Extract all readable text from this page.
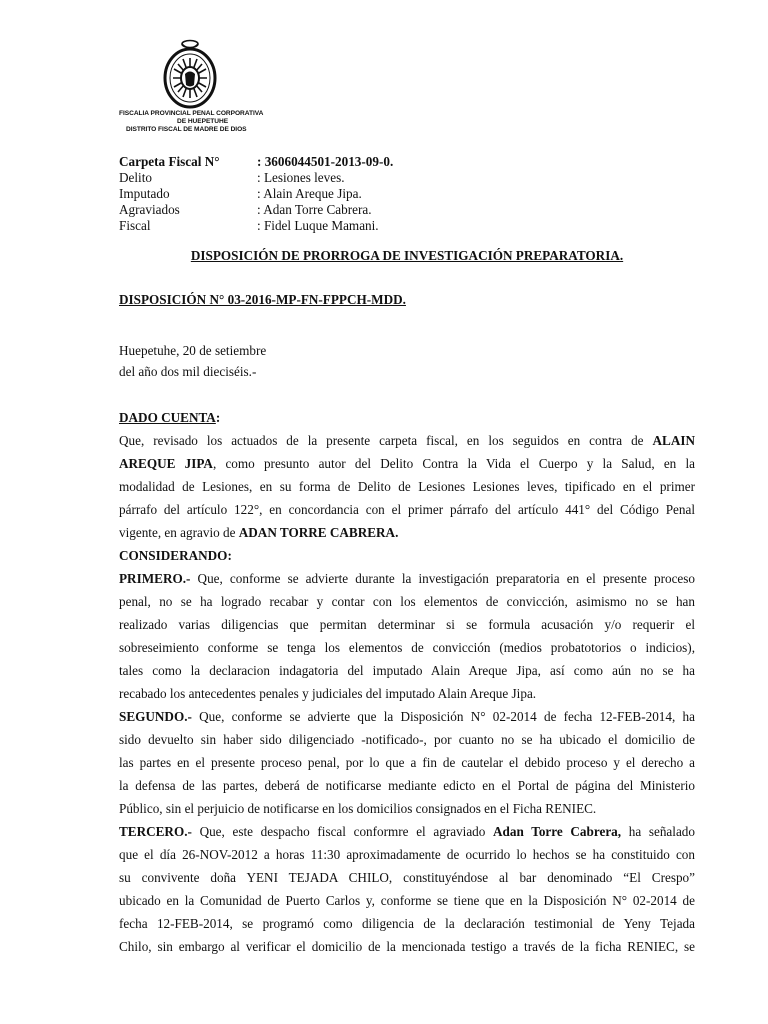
FISCALIA PROVINCIAL PENAL CORPORATIVA
DE HUEPETUHE
DISTRITO FISCAL DE MADRE DE DIOS
Carpeta Fiscal N°	: 3606044501-2013-09-0.
Delito	: Lesiones leves.
Imputado	: Alain Areque Jipa.
Agraviados	: Adan Torre Cabrera.
Fiscal	: Fidel Luque Mamani.
DISPOSICIÓN DE PRORROGA DE INVESTIGACIÓN PREPARATORIA.
DISPOSICIÓN N° 03-2016-MP-FN-FPPCH-MDD.
Huepetuhe, 20 de setiembre
del año dos mil dieciséis.-
DADO CUENTA:
Que, revisado los actuados de la presente carpeta fiscal, en los seguidos en contra de ALAIN
AREQUE JIPA, como presunto autor del Delito Contra la Vida el Cuerpo y la Salud, en la
modalidad de Lesiones, en su forma de Delito de Lesiones Lesiones leves, tipificado en el primer
párrafo del artículo 122°, en concordancia con el primer párrafo del artículo 441° del Código Penal
vigente, en agravio de ADAN TORRE CABRERA.
CONSIDERANDO:
PRIMERO.- Que, conforme se advierte durante la investigación preparatoria en el presente proceso
penal, no se ha logrado recabar y contar con los elementos de convicción, asimismo no se han
realizado varias diligencias que permitan determinar si se formula acusación y/o requerir el
sobreseimiento conforme se tenga los elementos de convicción (medios probatotorios o indicios),
tales como la declaracion indagatoria del imputado Alain Areque Jipa, así como aún no se ha
recabado los antecedentes penales y judiciales del imputado Alain Areque Jipa.
SEGUNDO.- Que, conforme se advierte que la Disposición N° 02-2014 de fecha 12-FEB-2014, ha
sido devuelto sin haber sido diligenciado -notificado-, por cuanto no se ha ubicado el domicilio de
las partes en el presente proceso penal, por lo que a fin de cautelar el debido proceso y el derecho a
la defensa de las partes, deberá de notificarse mediante edicto en el Portal de página del Ministerio
Público, sin el perjuicio de notificarse en los domicilios consignados en el Ficha RENIEC.
TERCERO.- Que, este despacho fiscal conformre el agraviado Adan Torre Cabrera, ha señalado
que el día 26-NOV-2012 a horas 11:30 aproximadamente de ocurrido lo hechos se ha constituido con
su convivente doña YENI TEJADA CHILO, constituyéndose al bar denominado “El Crespo”
ubicado en la Comunidad de Puerto Carlos y, conforme se tiene que en la Disposición N° 02-2014 de
fecha 12-FEB-2014, se programó como diligencia de la declaración testimonial de Yeny Tejada
Chilo, sin embargo al verificar el domicilio de la mencionada testigo a través de la ficha RENIEC, se
